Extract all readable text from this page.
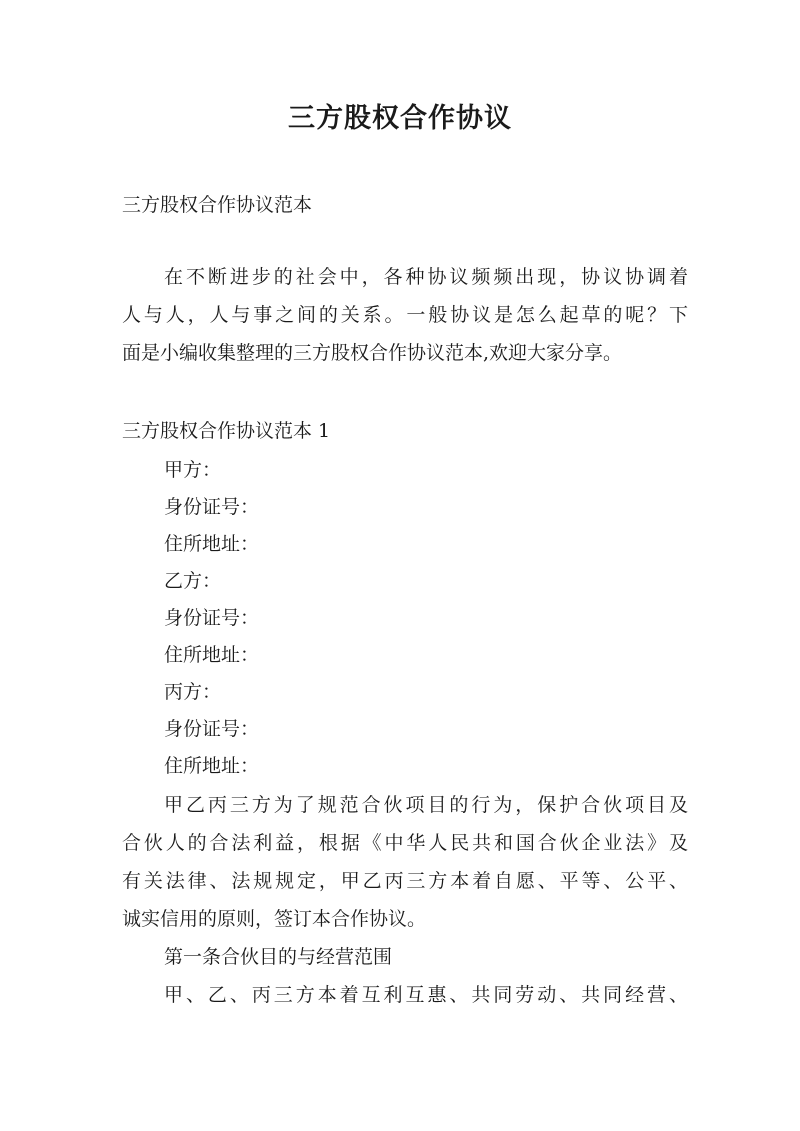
三方股权合作协议
三方股权合作协议范本
在不断进步的社会中，各种协议频频出现，协议协调着
人与人，人与事之间的关系。一般协议是怎么起草的呢？下
面是小编收集整理的三方股权合作协议范本,欢迎大家分享。
三方股权合作协议范本 1
甲方：
身份证号：
住所地址：
乙方：
身份证号：
住所地址：
丙方：
身份证号：
住所地址：
甲乙丙三方为了规范合伙项目的行为，保护合伙项目及
合伙人的合法利益，根据《中华人民共和国合伙企业法》及
有关法律、法规规定，甲乙丙三方本着自愿、平等、公平、
诚实信用的原则，签订本合作协议。
第一条合伙目的与经营范围
甲、乙、丙三方本着互利互惠、共同劳动、共同经营、
